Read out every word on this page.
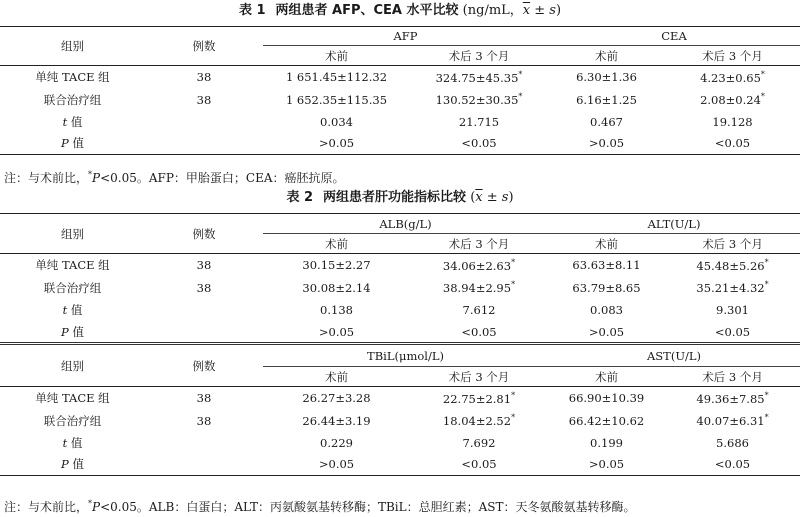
表 1 两组患者 AFP、CEA 水平比较 (ng/mL，$\overline{x} \pm s$)
组别	例数	AFP		CEA	
		术前	术后 3 个月	术前	术后 3 个月
单纯 TACE 组	38	1 651.45±112.32	324.75±45.35*	6.30±1.36	4.23±0.65*
联合治疗组	38	1 652.35±115.35	130.52±30.35*	6.16±1.25	2.08±0.24*
t 值		0.034	21.715	0.467	19.128
P 值		>0.05	<0.05	>0.05	<0.05
注：与术前比，*P<0.05。AFP：甲胎蛋白；CEA：癌胚抗原。
表 2 两组患者肝功能指标比较 $(\overline{x} \pm s)$
组别	例数	ALB(g/L)		ALT(U/L)	
		术前	术后 3 个月	术前	术后 3 个月
单纯 TACE 组	38	30.15±2.27	34.06±2.63*	63.63±8.11	45.48±5.26*
联合治疗组	38	30.08±2.14	38.94±2.95*	63.79±8.65	35.21±4.32*
t 值		0.138	7.612	0.083	9.301
P 值		>0.05	<0.05	>0.05	<0.05
组别	例数	TBiL(μmol/L)		AST(U/L)	
		术前	术后 3 个月	术前	术后 3 个月
单纯 TACE 组	38	26.27±3.28	22.75±2.81*	66.90±10.39	49.36±7.85*
联合治疗组	38	26.44±3.19	18.04±2.52*	66.42±10.62	40.07±6.31*
t 值		0.229	7.692	0.199	5.686
P 值		>0.05	<0.05	>0.05	<0.05
注：与术前比，*P<0.05。ALB：白蛋白；ALT：丙氨酸氨基转移酶；TBiL：总胆红素；AST：天冬氨酸氨基转移酶。
